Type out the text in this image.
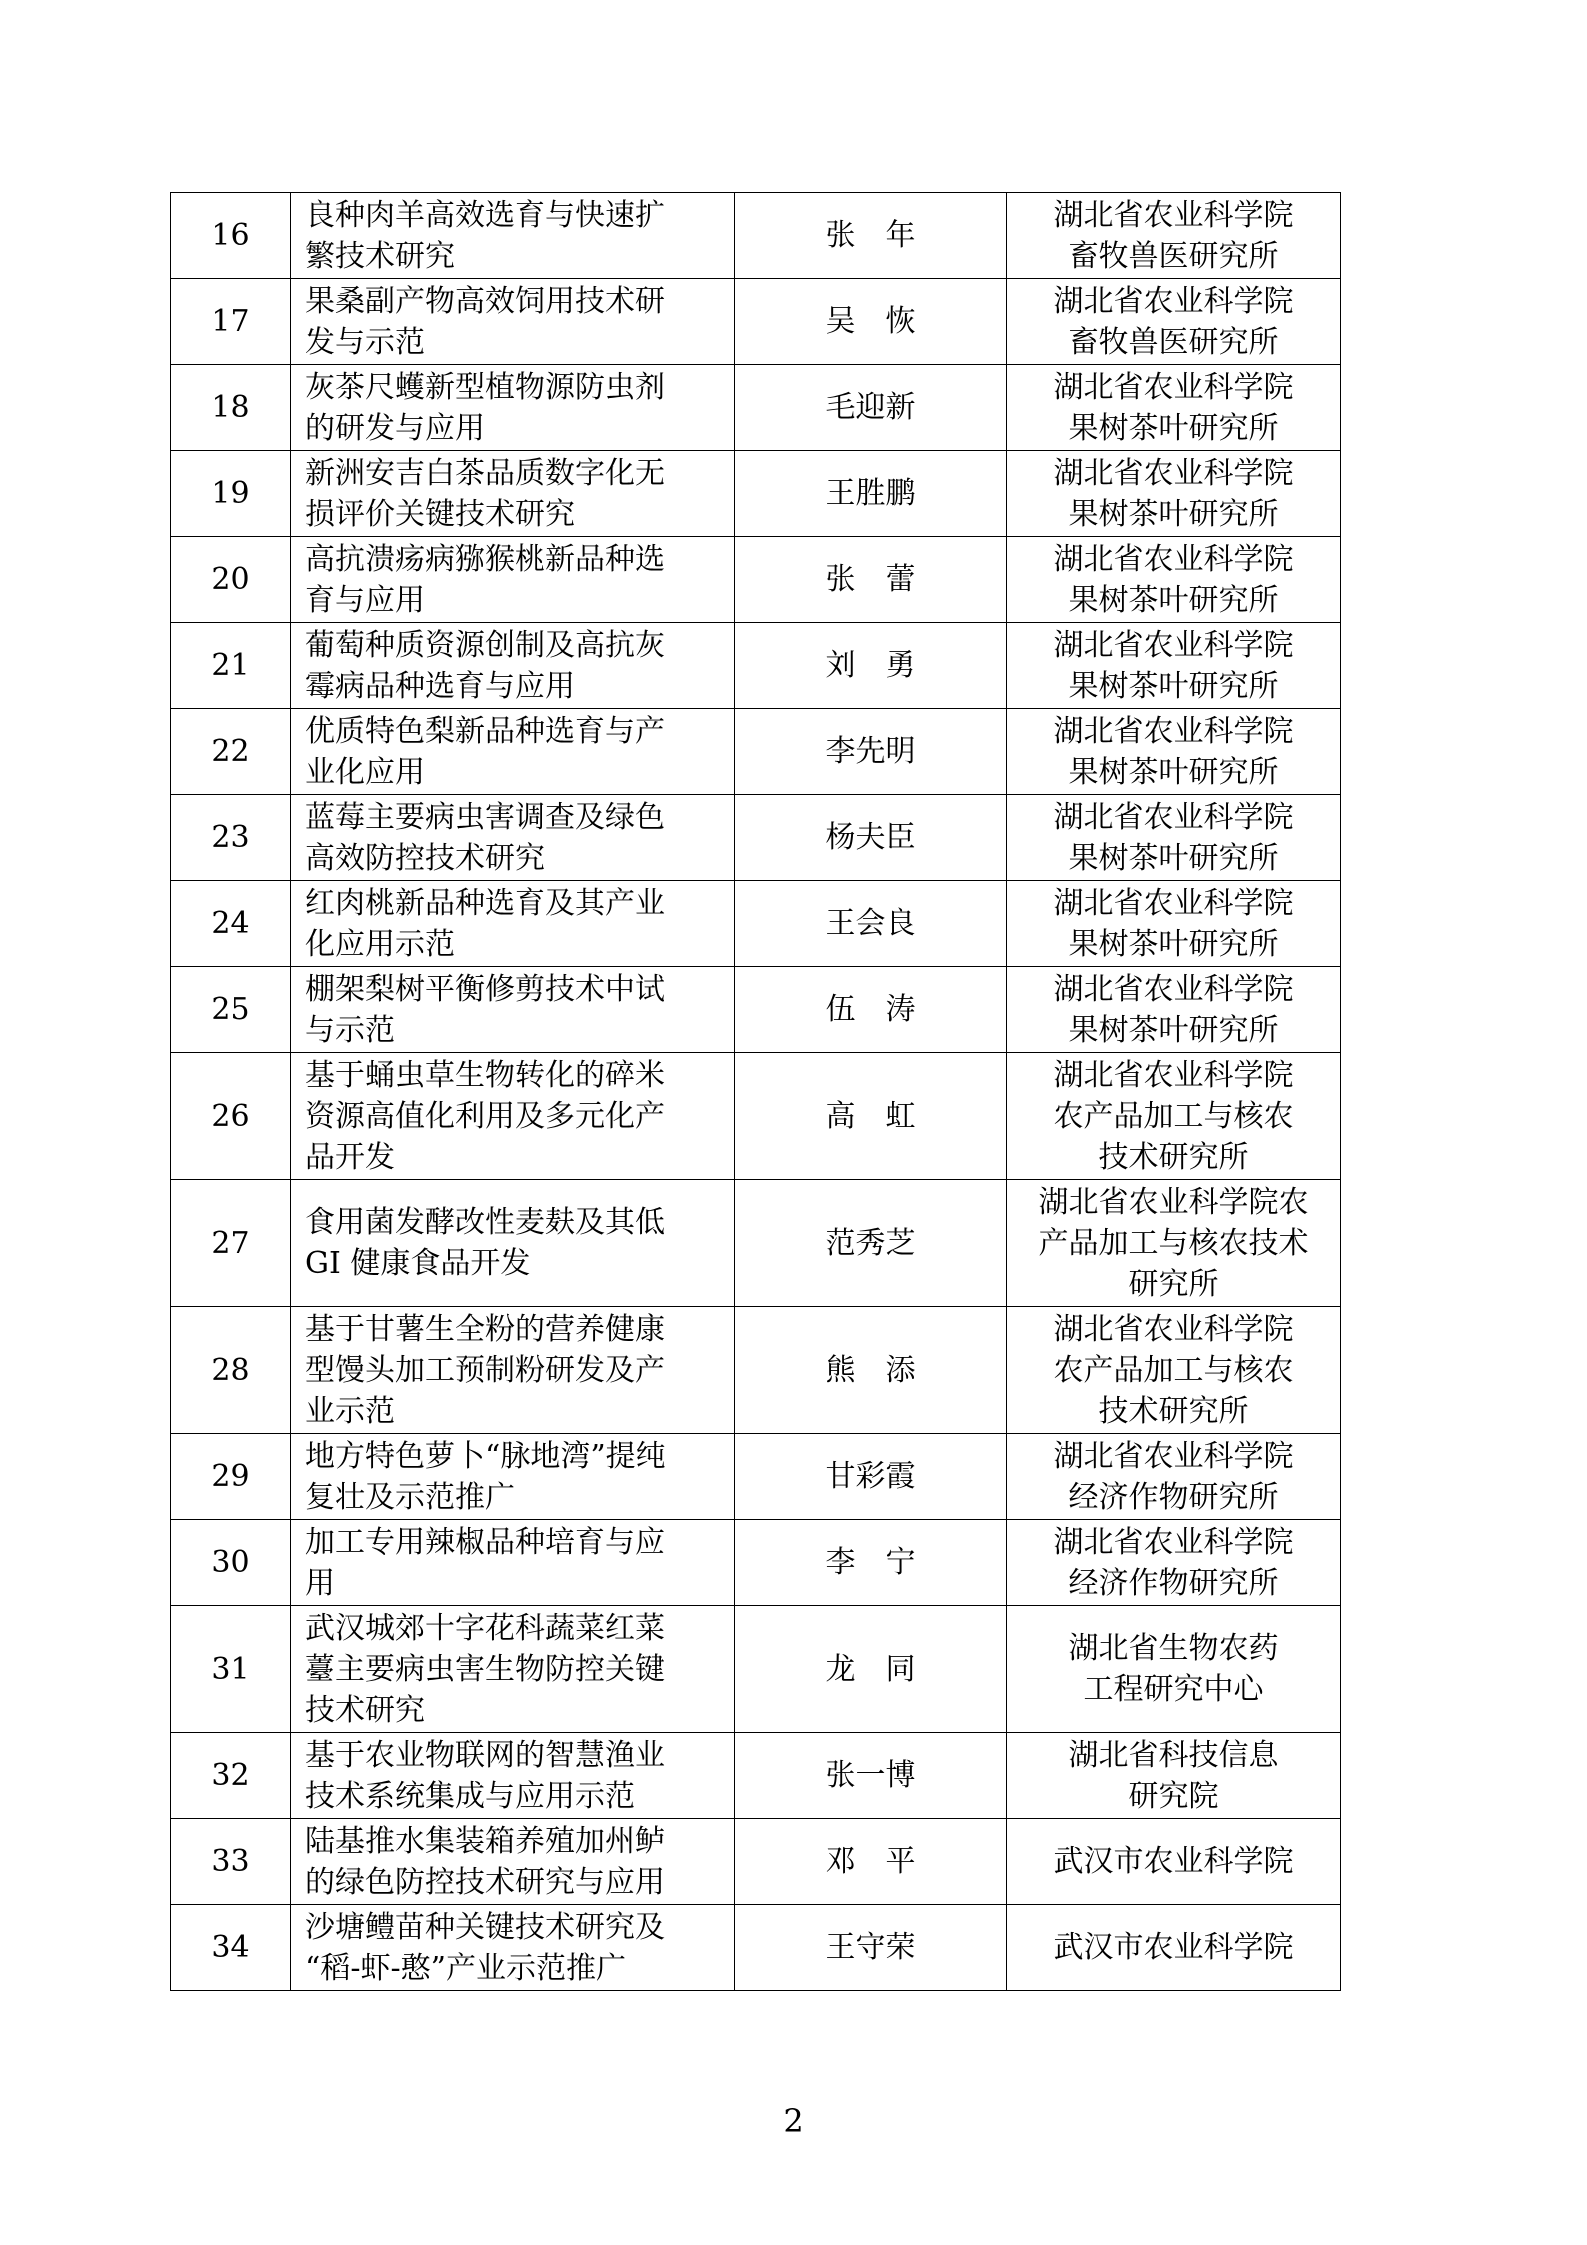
16	良种肉羊高效选育与快速扩
繁技术研究	张　年	湖北省农业科学院
畜牧兽医研究所

17	果桑副产物高效饲用技术研
发与示范	吴　恢	湖北省农业科学院
畜牧兽医研究所

18	灰茶尺蠖新型植物源防虫剂
的研发与应用	毛迎新	湖北省农业科学院
果树茶叶研究所

19	新洲安吉白茶品质数字化无
损评价关键技术研究	王胜鹏	湖北省农业科学院
果树茶叶研究所

20	高抗溃疡病猕猴桃新品种选
育与应用	张　蕾	湖北省农业科学院
果树茶叶研究所

21	葡萄种质资源创制及高抗灰
霉病品种选育与应用	刘　勇	湖北省农业科学院
果树茶叶研究所

22	优质特色梨新品种选育与产
业化应用	李先明	湖北省农业科学院
果树茶叶研究所

23	蓝莓主要病虫害调查及绿色
高效防控技术研究	杨夫臣	湖北省农业科学院
果树茶叶研究所

24	红肉桃新品种选育及其产业
化应用示范	王会良	湖北省农业科学院
果树茶叶研究所

25	棚架梨树平衡修剪技术中试
与示范	伍　涛	湖北省农业科学院
果树茶叶研究所

26	基于蛹虫草生物转化的碎米
资源高值化利用及多元化产
品开发	高　虹	湖北省农业科学院
农产品加工与核农
技术研究所

27	食用菌发酵改性麦麸及其低
GI 健康食品开发	范秀芝	湖北省农业科学院农
产品加工与核农技术
研究所

28	基于甘薯生全粉的营养健康
型馒头加工预制粉研发及产
业示范	熊　添	湖北省农业科学院
农产品加工与核农
技术研究所

29	地方特色萝卜“脉地湾”提纯
复壮及示范推广	甘彩霞	湖北省农业科学院
经济作物研究所

30	加工专用辣椒品种培育与应
用	李　宁	湖北省农业科学院
经济作物研究所

31	武汉城郊十字花科蔬菜红菜
薹主要病虫害生物防控关键
技术研究	龙　同	湖北省生物农药
工程研究中心

32	基于农业物联网的智慧渔业
技术系统集成与应用示范	张一博	湖北省科技信息
研究院

33	陆基推水集装箱养殖加州鲈
的绿色防控技术研究与应用	邓　平	武汉市农业科学院

34	沙塘鳢苗种关键技术研究及
“稻-虾-憨”产业示范推广	王守荣	武汉市农业科学院
2
